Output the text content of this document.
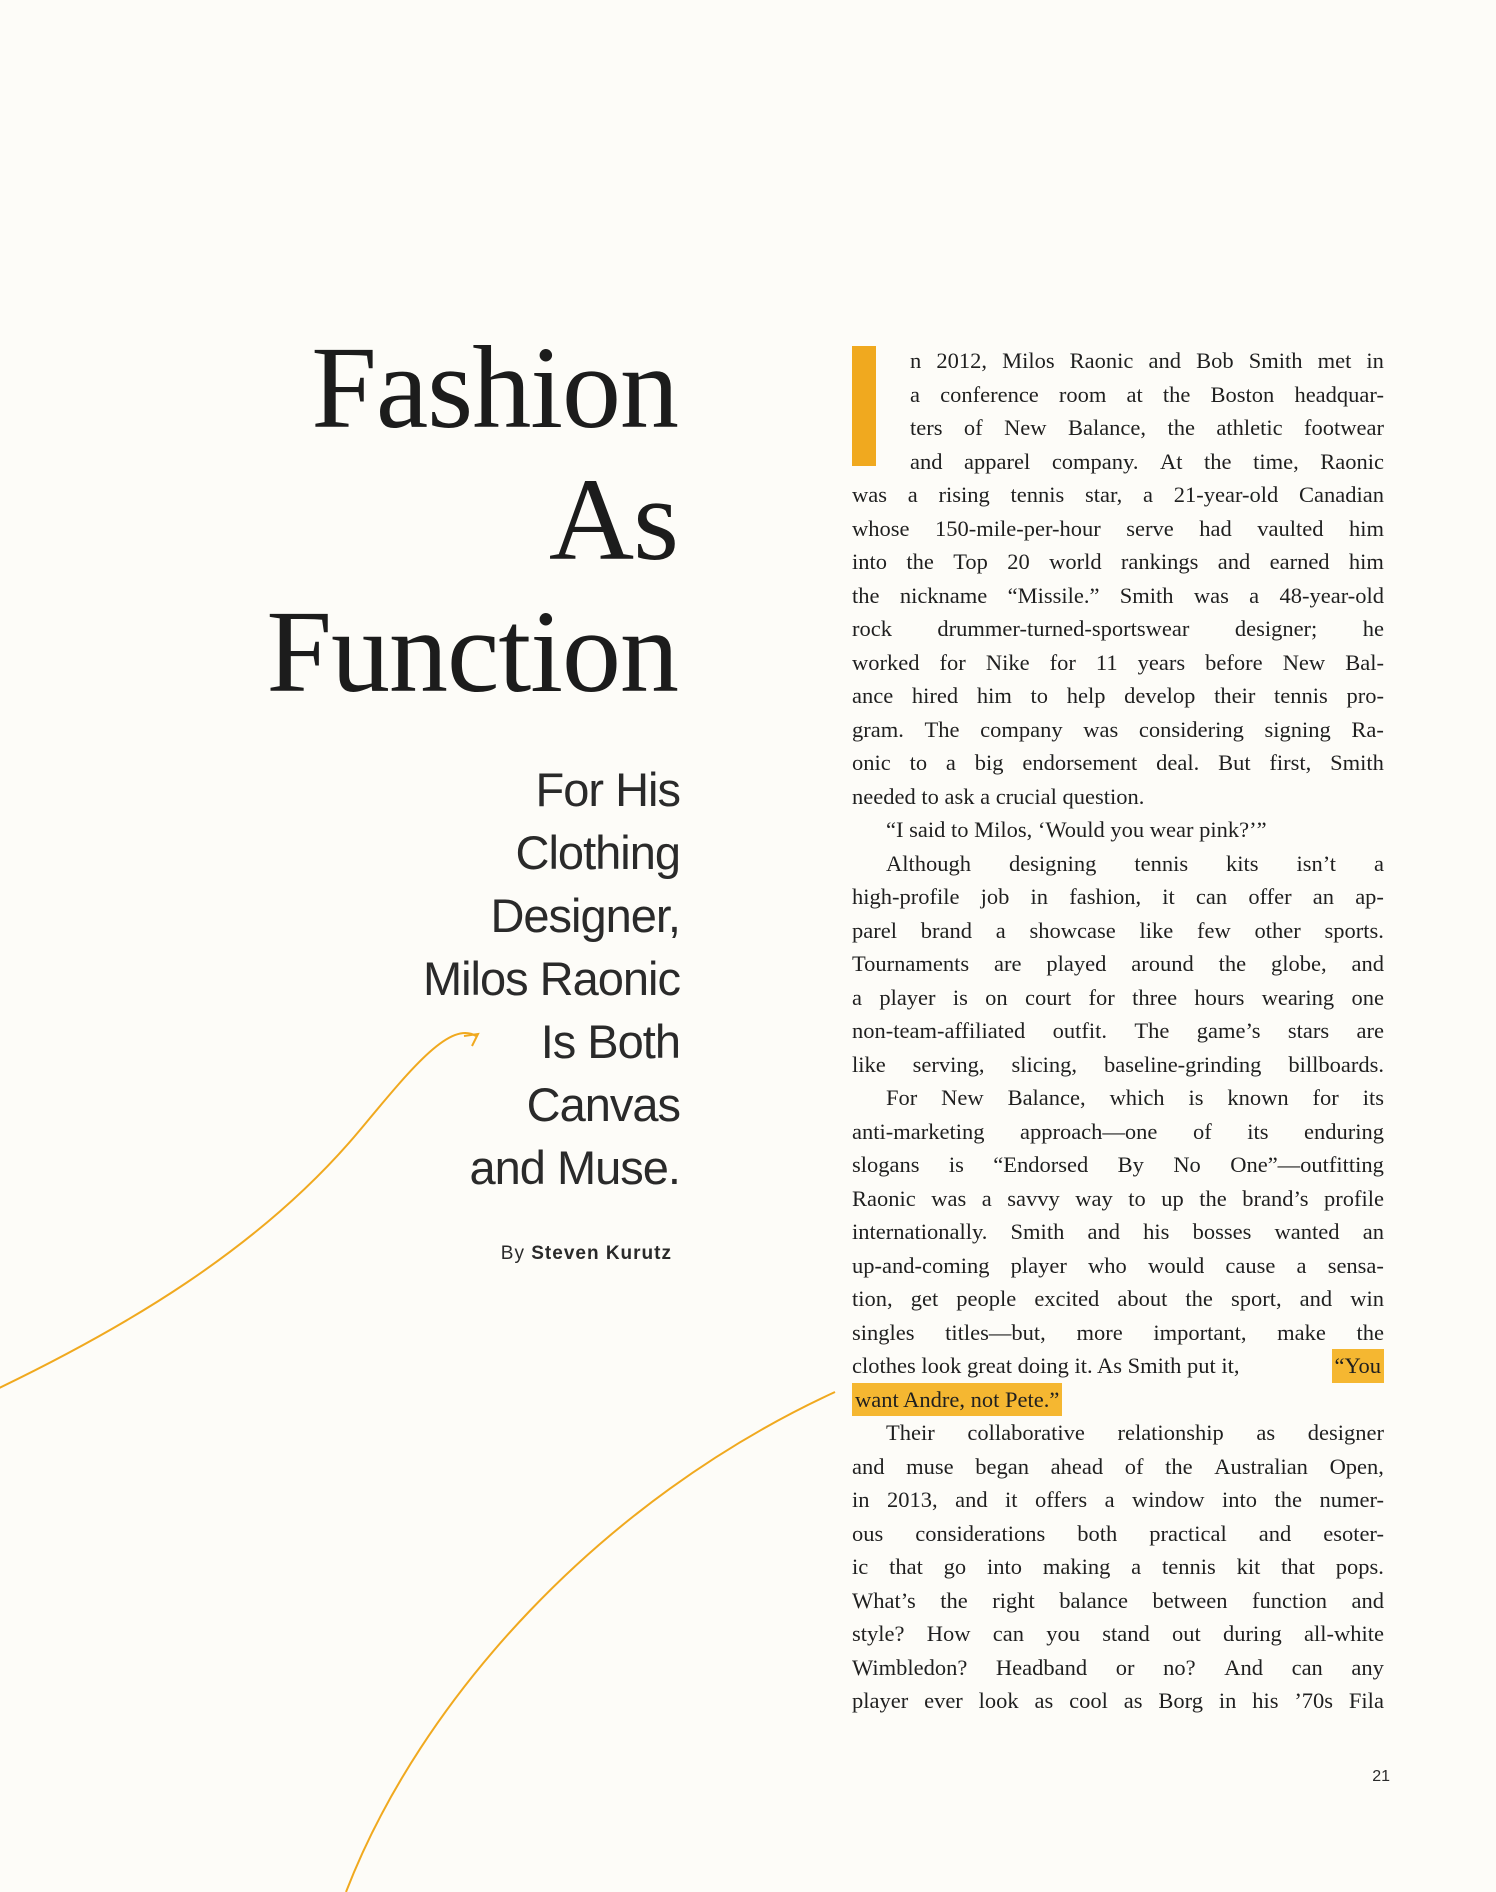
Fashion
As
Function
For His
Clothing
Designer,
Milos Raonic
Is Both
Canvas
and Muse.
By Steven Kurutz
n 2012, Milos Raonic and Bob Smith met in
a conference room at the Boston headquar-
ters of New Balance, the athletic footwear
and apparel company. At the time, Raonic
was a rising tennis star, a 21-year-old Canadian
whose 150-mile-per-hour serve had vaulted him
into the Top 20 world rankings and earned him
the nickname “Missile.” Smith was a 48-year-old
rock drummer-turned-sportswear designer; he
worked for Nike for 11 years before New Bal-
ance hired him to help develop their tennis pro-
gram. The company was considering signing Ra-
onic to a big endorsement deal. But first, Smith
needed to ask a crucial question.
“I said to Milos, ‘Would you wear pink?’”
Although designing tennis kits isn’t a
high-profile job in fashion, it can offer an ap-
parel brand a showcase like few other sports.
Tournaments are played around the globe, and
a player is on court for three hours wearing one
non-team-affiliated outfit. The game’s stars are
like serving, slicing, baseline-grinding billboards.
For New Balance, which is known for its
anti-marketing approach—one of its enduring
slogans is “Endorsed By No One”—outfitting
Raonic was a savvy way to up the brand’s profile
internationally. Smith and his bosses wanted an
up-and-coming player who would cause a sensa-
tion, get people excited about the sport, and win
singles titles—but, more important, make the
clothes look great doing it. As Smith put it,	“You
want Andre, not Pete.”
Their collaborative relationship as designer
and muse began ahead of the Australian Open,
in 2013, and it offers a window into the numer-
ous considerations both practical and esoter-
ic that go into making a tennis kit that pops.
What’s the right balance between function and
style? How can you stand out during all-white
Wimbledon? Headband or no? And can any
player ever look as cool as Borg in his ’70s Fila
21
